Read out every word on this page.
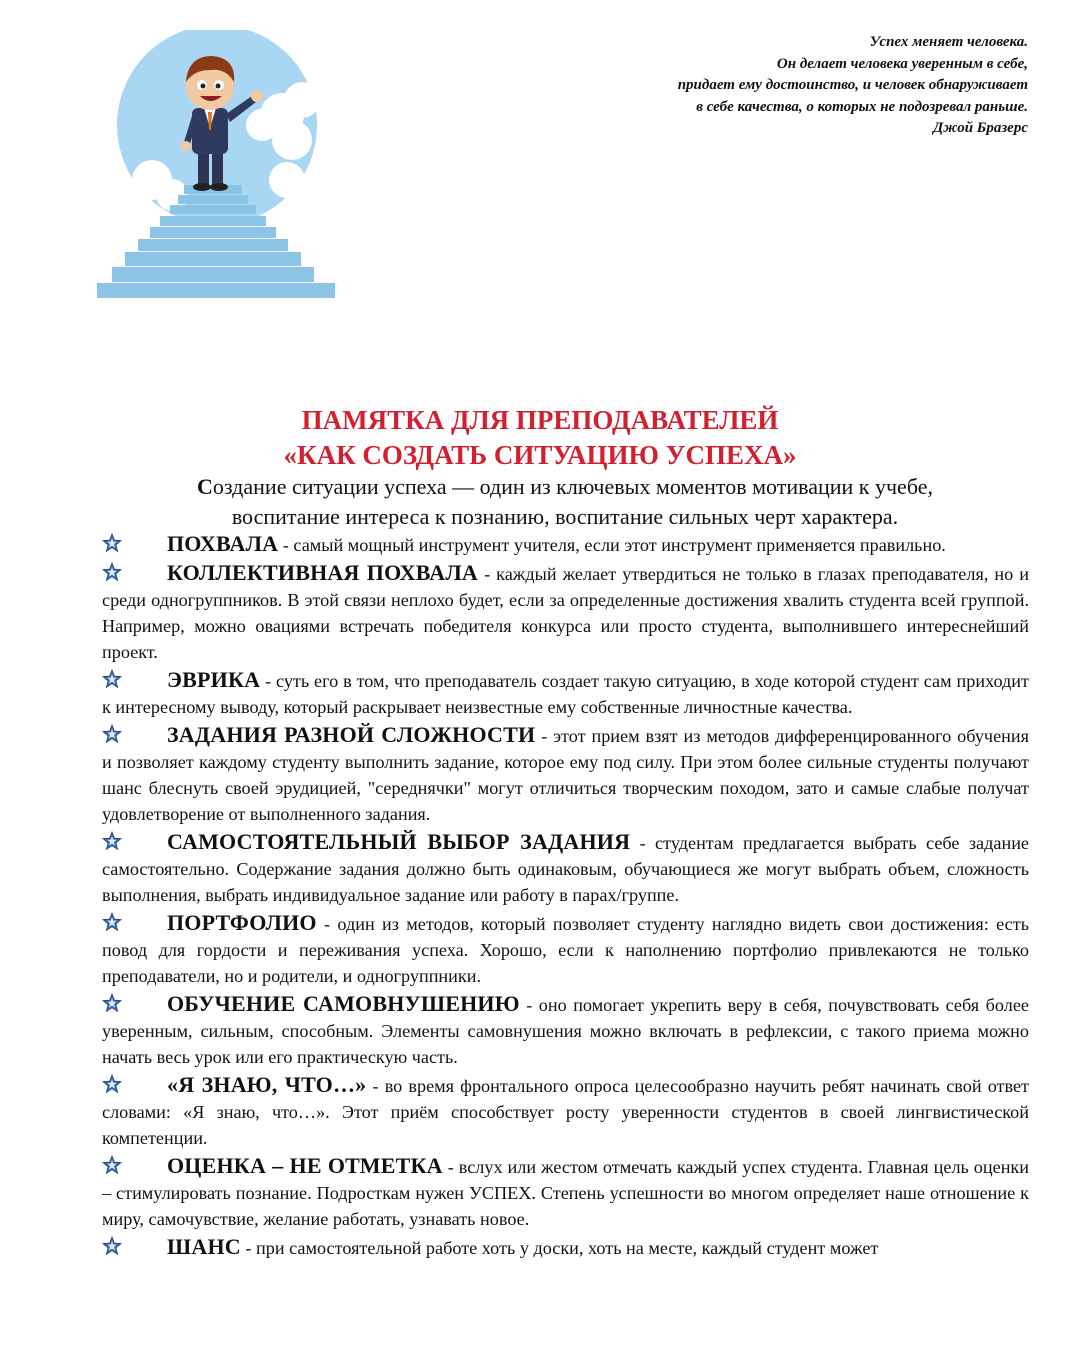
Успех меняет человека.
Он делает человека уверенным в себе,
придает ему достоинство, и человек обнаруживает
в себе качества, о которых не подозревал раньше.
Джой Бразерс
ПАМЯТКА ДЛЯ ПРЕПОДАВАТЕЛЕЙ
«КАК СОЗДАТЬ СИТУАЦИЮ УСПЕХА»
Создание ситуации успеха — один из ключевых моментов мотивации к учебе,
воспитание интереса к познанию, воспитание сильных черт характера.
ПОХВАЛА - самый мощный инструмент учителя, если этот инструмент применяется правильно.
КОЛЛЕКТИВНАЯ ПОХВАЛА - каждый желает утвердиться не только в глазах преподавателя, но и среди одногруппников. В этой связи неплохо будет, если за определенные достижения хвалить студента всей группой. Например, можно овациями встречать победителя конкурса или просто студента, выполнившего интереснейший проект.
ЭВРИКА - суть его в том, что преподаватель создает такую ситуацию, в ходе которой студент сам приходит к интересному выводу, который раскрывает неизвестные ему собственные личностные качества.
ЗАДАНИЯ РАЗНОЙ СЛОЖНОСТИ - этот прием взят из методов дифференцированного обучения и позволяет каждому студенту выполнить задание, которое ему под силу. При этом более сильные студенты получают шанс блеснуть своей эрудицией, "середнячки" могут отличиться творческим походом, зато и самые слабые получат удовлетворение от выполненного задания.
САМОСТОЯТЕЛЬНЫЙ ВЫБОР ЗАДАНИЯ - студентам предлагается выбрать себе задание самостоятельно. Содержание задания должно быть одинаковым, обучающиеся же могут выбрать объем, сложность выполнения, выбрать индивидуальное задание или работу в парах/группе.
ПОРТФОЛИО - один из методов, который позволяет студенту наглядно видеть свои достижения: есть повод для гордости и переживания успеха. Хорошо, если к наполнению портфолио привлекаются не только преподаватели, но и родители, и одногруппники.
ОБУЧЕНИЕ САМОВНУШЕНИЮ - оно помогает укрепить веру в себя, почувствовать себя более уверенным, сильным, способным. Элементы самовнушения можно включать в рефлексии, с такого приема можно начать весь урок или его практическую часть.
«Я ЗНАЮ, ЧТО…» - во время фронтального опроса целесообразно научить ребят начинать свой ответ словами: «Я знаю, что…». Этот приём способствует росту уверенности студентов в своей лингвистической компетенции.
ОЦЕНКА – НЕ ОТМЕТКА - вслух или жестом отмечать каждый успех студента. Главная цель оценки – стимулировать познание. Подросткам нужен УСПЕХ. Степень успешности во многом определяет наше отношение к миру, самочувствие, желание работать, узнавать новое.
ШАНС - при самостоятельной работе хоть у доски, хоть на месте, каждый студент может
